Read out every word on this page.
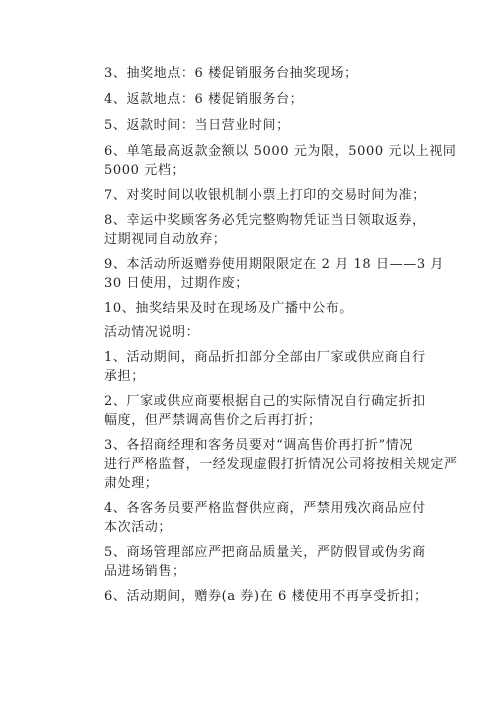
3、抽奖地点：6 楼促销服务台抽奖现场；
4、返款地点：6 楼促销服务台；
5、返款时间：当日营业时间；
6、单笔最高返款金额以 5000 元为限，5000 元以上视同
5000 元档；
7、对奖时间以收银机制小票上打印的交易时间为准；
8、幸运中奖顾客务必凭完整购物凭证当日领取返券，
过期视同自动放弃；
9、本活动所返赠券使用期限限定在 2 月 18 日——3 月
30 日使用，过期作废；
10、抽奖结果及时在现场及广播中公布。
活动情况说明：
1、活动期间，商品折扣部分全部由厂家或供应商自行
承担；
2、厂家或供应商要根据自己的实际情况自行确定折扣
幅度，但严禁调高售价之后再打折；
3、各招商经理和客务员要对“调高售价再打折”情况
进行严格监督，一经发现虚假打折情况公司将按相关规定严
肃处理；
4、各客务员要严格监督供应商，严禁用残次商品应付
本次活动；
5、商场管理部应严把商品质量关，严防假冒或伪劣商
品进场销售；
6、活动期间，赠券(a 券)在 6 楼使用不再享受折扣；
